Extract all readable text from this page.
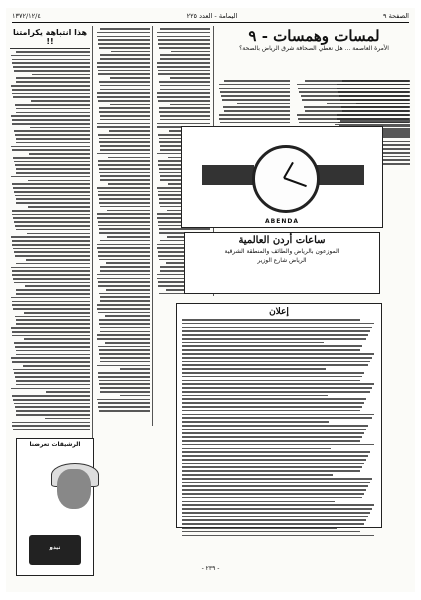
الصفحة ٩
اليمامة - العدد ٢٢٥
١٣٧٢/١٢/٤
لمسات وهمسات - ٩
الأمرة العاصمة ... هل نعطي الصحافة شرق الرياض بالصحة؟
هذا انتباهة يكرامتنا !!
ABENDA
ساعات أردن العالمية
الموزعون بالرياض والطائف والمنطقة الشرقية
الرياض شارع الوزير
إعلان
الرشيقات تعرضنا
نيدو
- ٢٣٩ -
